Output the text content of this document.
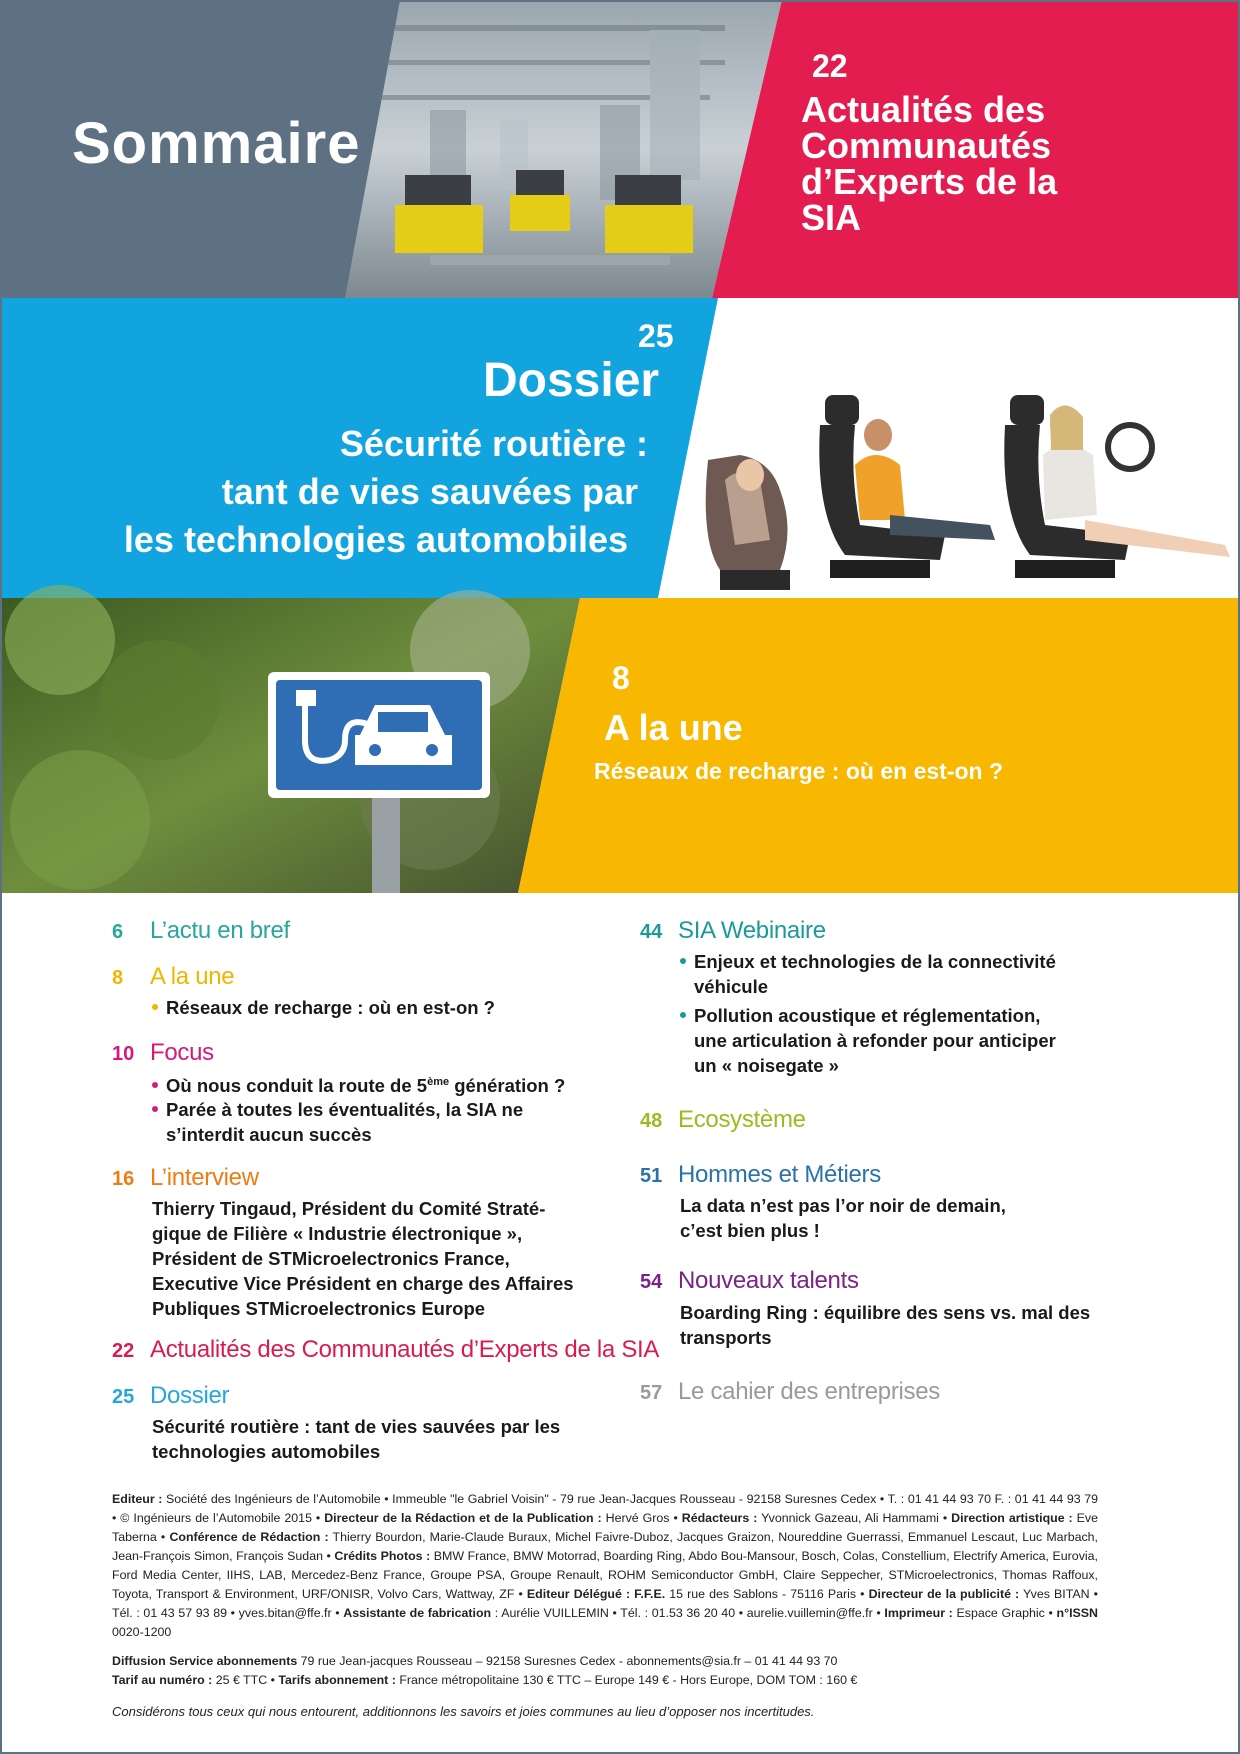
Sommaire
22
Actualités des
Communautés
d’Experts de la
SIA
25
Dossier
Sécurité routière :
tant de vies sauvées par
les technologies automobiles
8
A la une
Réseaux de recharge : où en est-on ?
6	L’actu en bref
8	A la une
Réseaux de recharge : où en est-on ?
10 Focus
Où nous conduit la route de 5ème génération ?
Parée à toutes les éventualités, la SIA ne
s’interdit aucun succès
16 L’interview
Thierry Tingaud, Président du Comité Straté-
gique de Filière « Industrie électronique »,
Président de STMicroelectronics France,
Executive Vice Président en charge des Affaires
Publiques STMicroelectronics Europe
22 Actualités des Communautés d’Experts de la SIA
25 Dossier
Sécurité routière : tant de vies sauvées par les
technologies automobiles
44 SIA Webinaire
Enjeux et technologies de la connectivité
véhicule
Pollution acoustique et réglementation,
une articulation à refonder pour anticiper
un « noisegate »
48 Ecosystème
51 Hommes et Métiers
La data n’est pas l’or noir de demain,
c’est bien plus !
54 Nouveaux talents
Boarding Ring : équilibre des sens vs. mal des
transports
57 Le cahier des entreprises
Editeur : Société des Ingénieurs de l’Automobile • Immeuble "le Gabriel Voisin" - 79 rue Jean-Jacques Rousseau - 92158 Suresnes Cedex • T. : 01 41 44 93 70 F. : 01 41 44 93 79 • © Ingénieurs de l’Automobile 2015 • Directeur de la Rédaction et de la Publication : Hervé Gros • Rédacteurs : Yvonnick Gazeau, Ali Hammami • Direction artistique : Eve Taberna • Conférence de Rédaction : Thierry Bourdon, Marie-Claude Buraux, Michel Faivre-Duboz, Jacques Graizon, Noureddine Guerrassi, Emmanuel Lescaut, Luc Marbach, Jean-François Simon, François Sudan • Crédits Photos : BMW France, BMW Motorrad, Boarding Ring, Abdo Bou-Mansour, Bosch, Colas, Constellium, Electrify America, Eurovia, Ford Media Center, IIHS, LAB, Mercedez-Benz France, Groupe PSA, Groupe Renault, ROHM Semiconductor GmbH, Claire Seppecher, STMicroelectronics, Thomas Raffoux, Toyota, Transport & Environment, URF/ONISR, Volvo Cars, Wattway, ZF • Editeur Délégué : F.F.E. 15 rue des Sablons - 75116 Paris • Directeur de la publicité : Yves BITAN • Tél. : 01 43 57 93 89 • yves.bitan@ffe.fr • Assistante de fabrication : Aurélie VUILLEMIN • Tél. : 01.53 36 20 40 • aurelie.vuillemin@ffe.fr • Imprimeur : Espace Graphic • n°ISSN 0020-1200
Diffusion Service abonnements 79 rue Jean-jacques Rousseau – 92158 Suresnes Cedex - abonnements@sia.fr – 01 41 44 93 70
Tarif au numéro : 25 € TTC • Tarifs abonnement : France métropolitaine 130 € TTC – Europe 149 € - Hors Europe, DOM TOM : 160 €
Considérons tous ceux qui nous entourent, additionnons les savoirs et joies communes au lieu d’opposer nos incertitudes.
